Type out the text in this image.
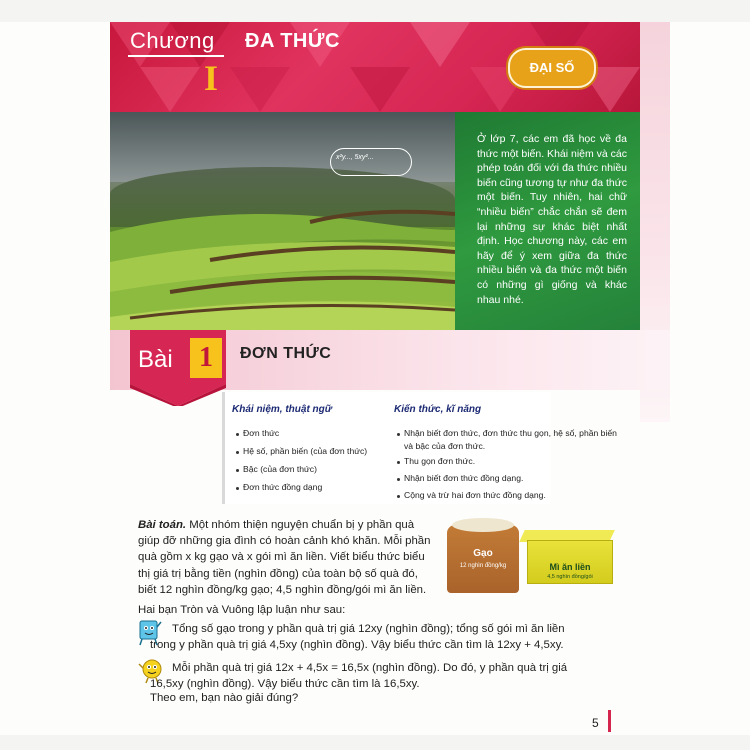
Chương
I
ĐA THỨC
ĐẠI SỐ
x²y..., 5xy²...
Ở lớp 7, các em đã học về đa thức một biến. Khái niệm và các phép toán đối với đa thức nhiều biến cũng tương tự như đa thức một biến. Tuy nhiên, hai chữ “nhiều biến” chắc chắn sẽ đem lại những sự khác biệt nhất định. Học chương này, các em hãy để ý xem giữa đa thức nhiều biến và đa thức một biến có những gì giống và khác nhau nhé.
Bài 1	ĐƠN THỨC
Khái niệm, thuật ngữ	Kiến thức, kĩ năng
Đơn thức
Hệ số, phần biến (của đơn thức)
Bậc (của đơn thức)
Đơn thức đồng dạng
Nhận biết đơn thức, đơn thức thu gọn, hệ số, phần biến
và bậc của đơn thức.
Thu gọn đơn thức.
Nhận biết đơn thức đồng dạng.
Cộng và trừ hai đơn thức đồng dạng.
Bài toán. Một nhóm thiện nguyện chuẩn bị y phần quà
giúp đỡ những gia đình có hoàn cảnh khó khăn. Mỗi phần
quà gồm x kg gạo và x gói mì ăn liền. Viết biểu thức biểu
thị giá trị bằng tiền (nghìn đồng) của toàn bộ số quà đó,
biết 12 nghìn đồng/kg gạo; 4,5 nghìn đồng/gói mì ăn liền.
Hai bạn Tròn và Vuông lập luận như sau:
Gạo
12 nghìn đồng/kg	Mì ăn liền
4,5 nghìn đồng/gói
Tổng số gạo trong y phần quà trị giá 12xy (nghìn đồng); tổng số gói mì ăn liền
trong y phần quà trị giá 4,5xy (nghìn đồng). Vậy biểu thức cần tìm là 12xy + 4,5xy.
Mỗi phần quà trị giá 12x + 4,5x = 16,5x (nghìn đồng). Do đó, y phần quà trị giá
16,5xy (nghìn đồng). Vậy biểu thức cần tìm là 16,5xy.
Theo em, bạn nào giải đúng?
5
